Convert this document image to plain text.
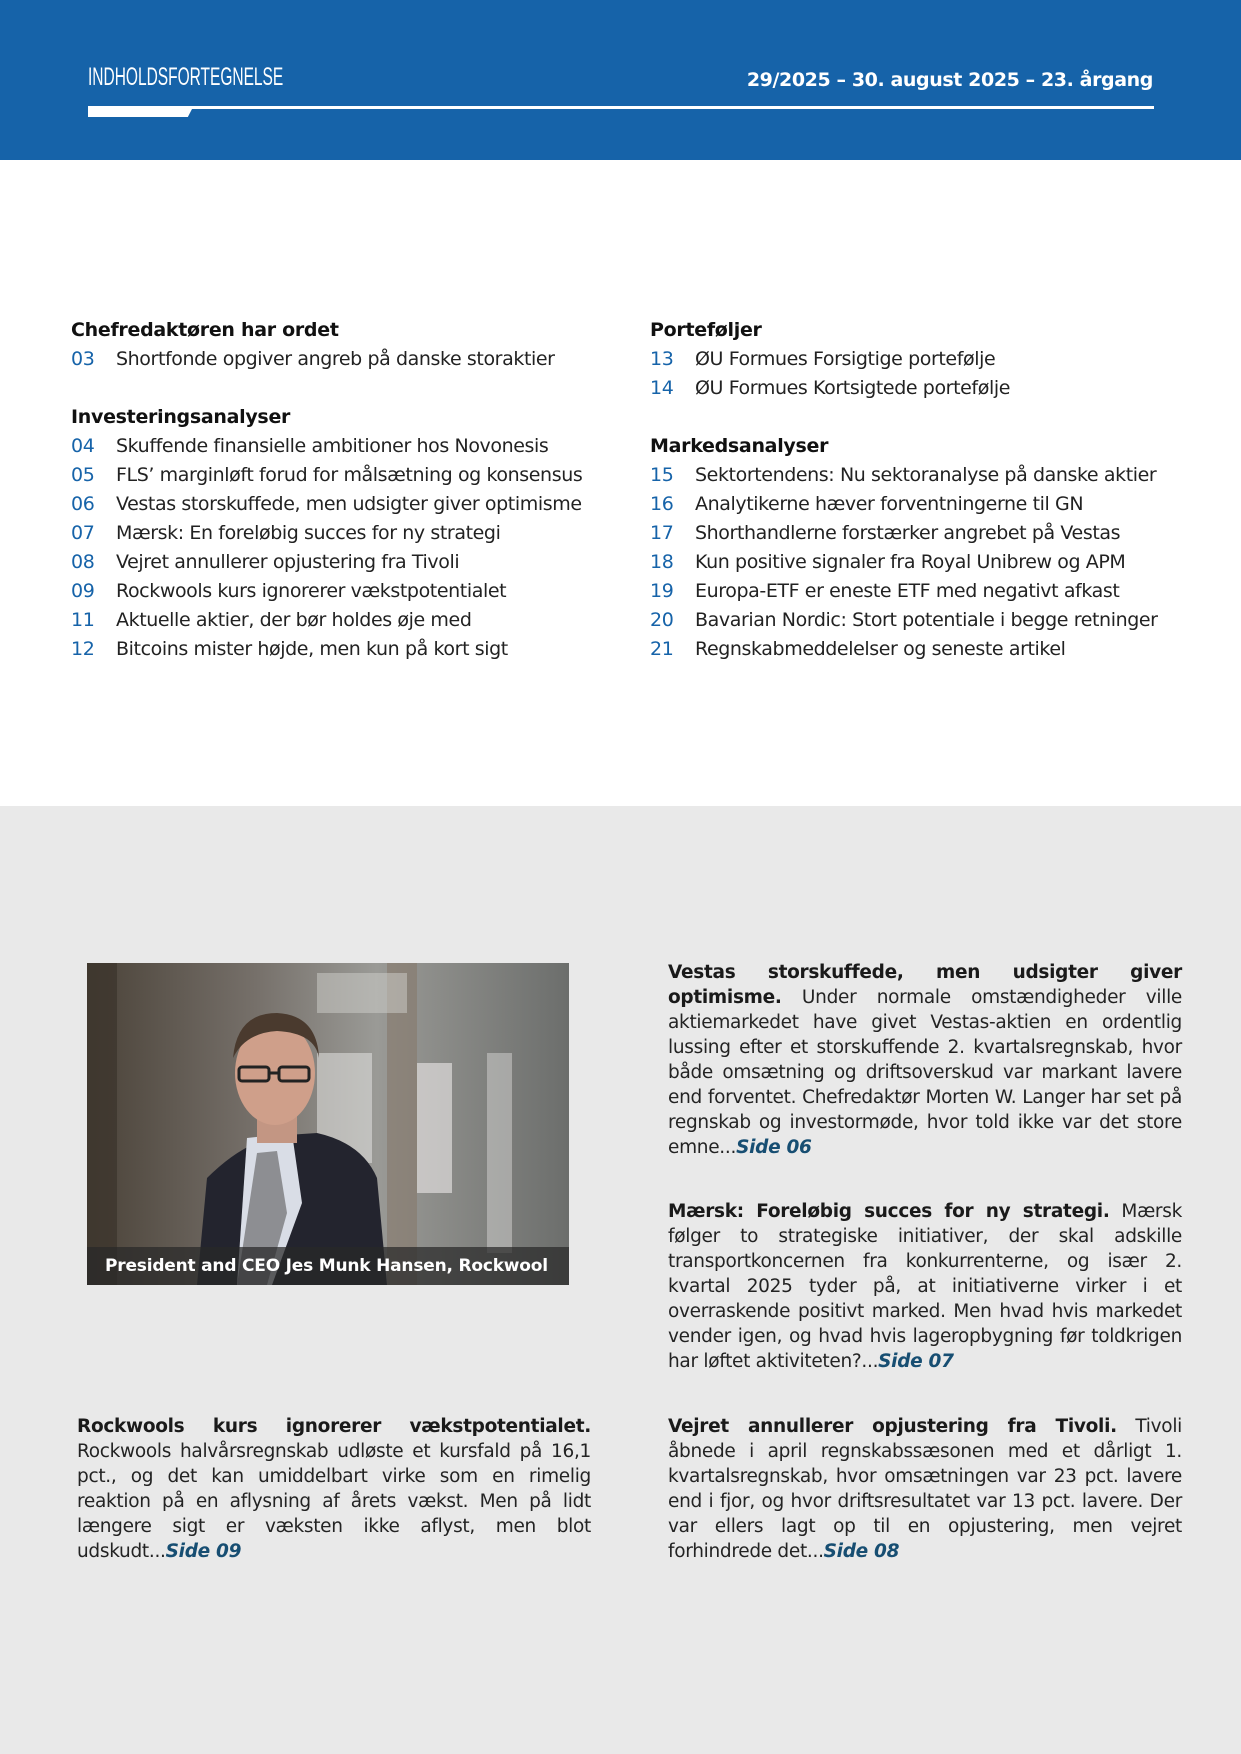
INDHOLDSFORTEGNELSE	29/2025 – 30. august 2025 – 23. årgang
Chefredaktøren har ordet
03	Shortfonde opgiver angreb på danske storaktier
Investeringsanalyser
04	Skuffende finansielle ambitioner hos Novonesis
05	FLS’ marginløft forud for målsætning og konsensus
06	Vestas storskuffede, men udsigter giver optimisme
07	Mærsk: En foreløbig succes for ny strategi
08	Vejret annullerer opjustering fra Tivoli
09	Rockwools kurs ignorerer vækstpotentialet
11	Aktuelle aktier, der bør holdes øje med
12	Bitcoins mister højde, men kun på kort sigt
Porteføljer
13	ØU Formues Forsigtige portefølje
14	ØU Formues Kortsigtede portefølje
Markedsanalyser
15	Sektortendens: Nu sektoranalyse på danske aktier
16	Analytikerne hæver forventningerne til GN
17	Shorthandlerne forstærker angrebet på Vestas
18	Kun positive signaler fra Royal Unibrew og APM
19	Europa-ETF er eneste ETF med negativt afkast
20	Bavarian Nordic: Stort potentiale i begge retninger
21	Regnskabmeddelelser og seneste artikel
President and CEO Jes Munk Hansen, Rockwool
Vestas storskuffede, men udsigter giver optimisme. Under normale omstændigheder ville aktiemarkedet have givet Vestas-aktien en ordentlig lussing efter et storskuffende 2. kvartalsregnskab, hvor både omsætning og driftsoverskud var markant lavere end forventet. Chefredaktør Morten W. Langer har set på regnskab og investormøde, hvor told ikke var det store emne...Side 06
Mærsk: Foreløbig succes for ny strategi. Mærsk følger to strategiske initiativer, der skal adskille transportkoncernen fra konkurrenterne, og især 2. kvartal 2025 tyder på, at initiativerne virker i et overraskende positivt marked. Men hvad hvis markedet vender igen, og hvad hvis lageropbygning før toldkrigen har løftet aktiviteten?...Side 07
Vejret annullerer opjustering fra Tivoli. Tivoli åbnede i april regnskabssæsonen med et dårligt 1. kvartalsregnskab, hvor omsætningen var 23 pct. lavere end i fjor, og hvor driftsresultatet var 13 pct. lavere. Der var ellers lagt op til en opjustering, men vejret forhindrede det...Side 08
Rockwools kurs ignorerer vækstpotentialet. Rockwools halvårsregnskab udløste et kursfald på 16,1 pct., og det kan umiddelbart virke som en rimelig reaktion på en aflysning af årets vækst. Men på lidt længere sigt er væksten ikke aflyst, men blot udskudt...Side 09
